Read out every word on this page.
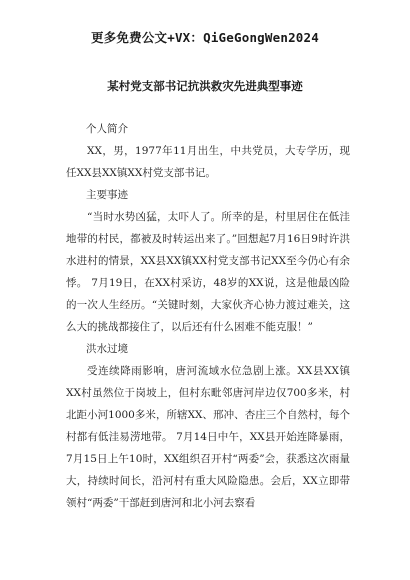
更多免费公文+VX：QiGeGongWen2024
某村党支部书记抗洪救灾先进典型事迹
个人简介

XX，男，1977年11月出生，中共党员，大专学历，现任XX县XX镇XX村党支部书记。

主要事迹

“当时水势凶猛，太吓人了。所幸的是，村里居住在低洼地带的村民，都被及时转运出来了。”回想起7月16日9时许洪水进村的情景，XX县XX镇XX村党支部书记XX至今仍心有余悸。 7月19日，在XX村采访，48岁的XX说，这是他最凶险的一次人生经历。“关键时刻，大家伙齐心协力渡过难关，这么大的挑战都接住了，以后还有什么困难不能克服！”

洪水过境

受连续降雨影响，唐河流域水位急剧上涨。XX县XX镇XX村虽然位于岗坡上，但村东毗邻唐河岸边仅700多米，村北距小河1000多米，所辖XX、邢冲、杏庄三个自然村，每个村都有低洼易涝地带。 7月14日中午，XX县开始连降暴雨，7月15日上午10时，XX组织召开村“两委”会，获悉这次雨量大，持续时间长，沿河村有重大风险隐患。会后，XX立即带领村“两委”干部赶到唐河和北小河去察看
